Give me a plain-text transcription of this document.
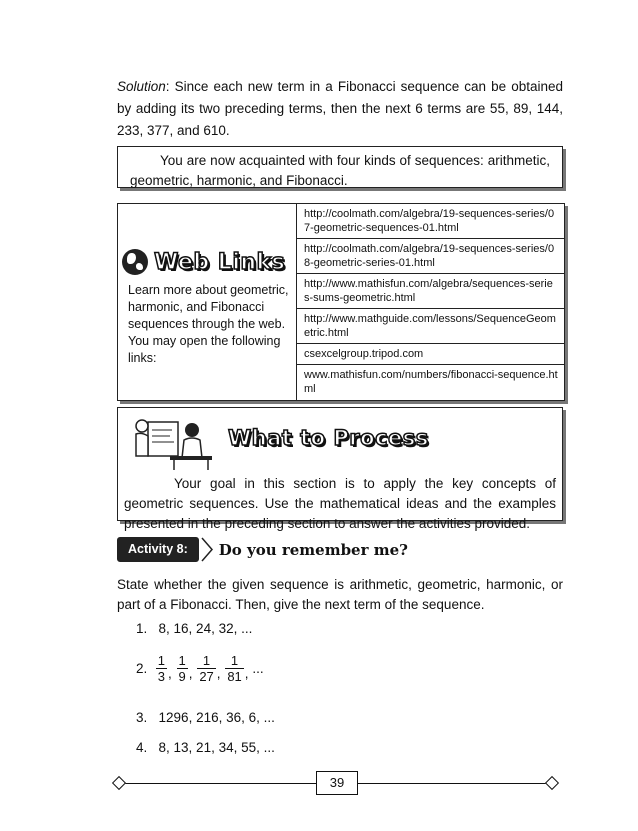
Solution: Since each new term in a Fibonacci sequence can be obtained by adding its two preceding terms, then the next 6 terms are 55, 89, 144, 233, 377, and 610.

You are now acquainted with four kinds of sequences: arithmetic, geometric, harmonic, and Fibonacci.

Web Links
Learn more about geometric, harmonic, and Fibonacci sequences through the web. You may open the following links:
http://coolmath.com/algebra/19-sequences-series/07-geometric-sequences-01.html
http://coolmath.com/algebra/19-sequences-series/08-geometric-series-01.html
http://www.mathisfun.com/algebra/sequences-series-sums-geometric.html
http://www.mathguide.com/lessons/SequenceGeometric.html
csexcelgroup.tripod.com
www.mathisfun.com/numbers/fibonacci-sequence.html
What to Process
Your goal in this section is to apply the key concepts of geometric sequences. Use the mathematical ideas and the examples presented in the preceding section to answer the activities provided.
Activity 8:	Do you remember me?
State whether the given sequence is arithmetic, geometric, harmonic, or part of a Fibonacci. Then, give the next term of the sequence.
1. 8, 16, 24, 32, ...
2. $\frac{1}{3}$ , $\frac{1}{9}$ , $\frac{1}{27}$ , $\frac{1}{81}$ , ...
3. 1296, 216, 36, 6, ...
4. 8, 13, 21, 34, 55, ...
39
